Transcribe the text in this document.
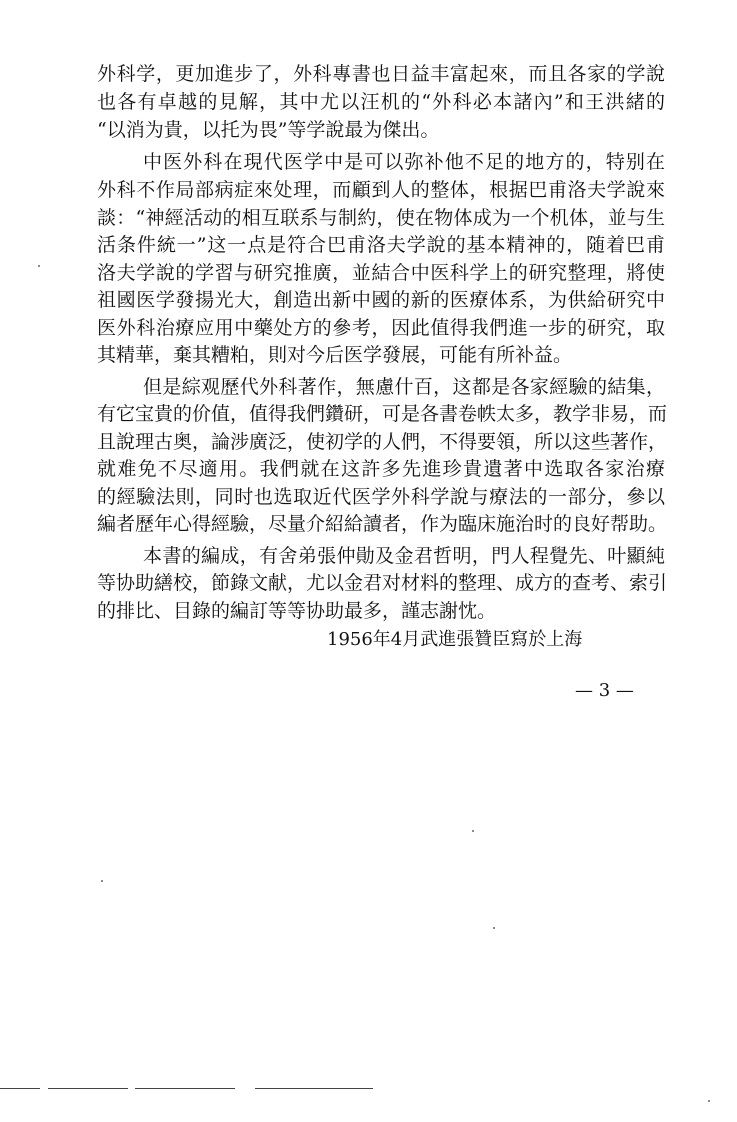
外科学，更加進步了，外科專書也日益丰富起來，而且各家的学說
也各有卓越的見解，其中尤以汪机的“外科必本諸內”和王洪緒的
“以消为貴，以托为畏”等学說最为傑出。
中医外科在現代医学中是可以弥补他不足的地方的，特别在
外科不作局部病症來处理，而顧到人的整体，根据巴甫洛夫学說來
談：“神經活动的相互联系与制約，使在物体成为一个机体，並与生
活条件統一”这一点是符合巴甫洛夫学說的基本精神的，随着巴甫
洛夫学說的学習与研究推廣，並結合中医科学上的研究整理，將使
祖國医学發揚光大，創造出新中國的新的医療体系，为供給研究中
医外科治療应用中藥处方的參考，因此值得我們進一步的研究，取
其精華，棄其糟粕，則对今后医学發展，可能有所补益。
但是綜观歷代外科著作，無慮什百，这都是各家經驗的結集，
有它宝貴的价值，值得我們鑽研，可是各書卷帙太多，教学非易，而
且說理古奥，論涉廣泛，使初学的人們，不得要領，所以这些著作，
就难免不尽適用。我們就在这許多先進珍貴遺著中选取各家治療
的經驗法則，同时也选取近代医学外科学說与療法的一部分，參以
編者歷年心得經驗，尽量介紹給讀者，作为臨床施治时的良好帮助。
本書的編成，有舍弟張仲勛及金君哲明，門人程覺先、叶顯純
等协助繕校，節錄文献，尤以金君对材料的整理、成方的查考、索引
的排比、目錄的編訂等等协助最多，謹志謝忱。
1956年4月武進張贊臣寫於上海
— 3 —
